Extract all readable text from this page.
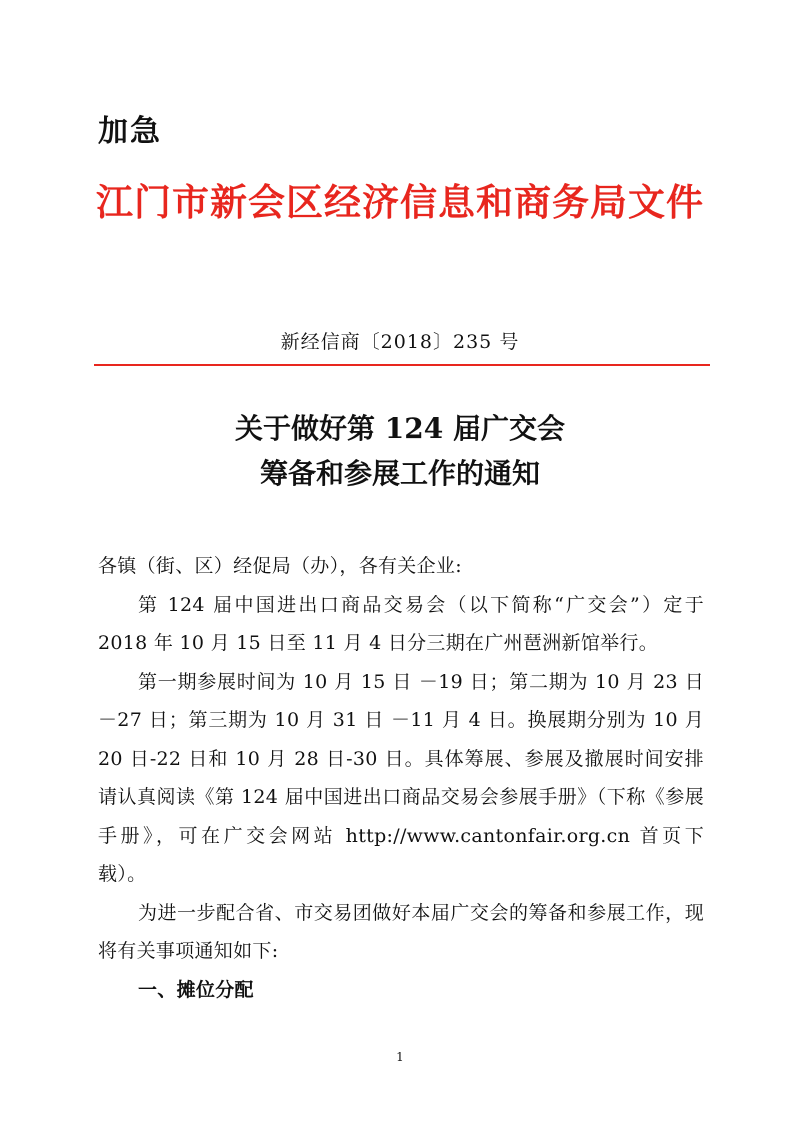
加急
江门市新会区经济信息和商务局文件
新经信商〔2018〕235 号
关于做好第 124 届广交会
筹备和参展工作的通知

各镇（街、区）经促局（办），各有关企业:

第 124 届中国进出口商品交易会（以下简称“广交会”）定于 2018 年 10 月 15 日至 11 月 4 日分三期在广州琶洲新馆举行。

第一期参展时间为 10 月 15 日 －19 日；第二期为 10 月 23 日 －27 日；第三期为 10 月 31 日 －11 月 4 日。换展期分别为 10 月 20 日-22 日和 10 月 28 日-30 日。具体筹展、参展及撤展时间安排请认真阅读《第 124 届中国进出口商品交易会参展手册》（下称《参展手册》，可在广交会网站 http://www.cantonfair.org.cn 首页下载）。

为进一步配合省、市交易团做好本届广交会的筹备和参展工作，现将有关事项通知如下:

一、摊位分配

1
